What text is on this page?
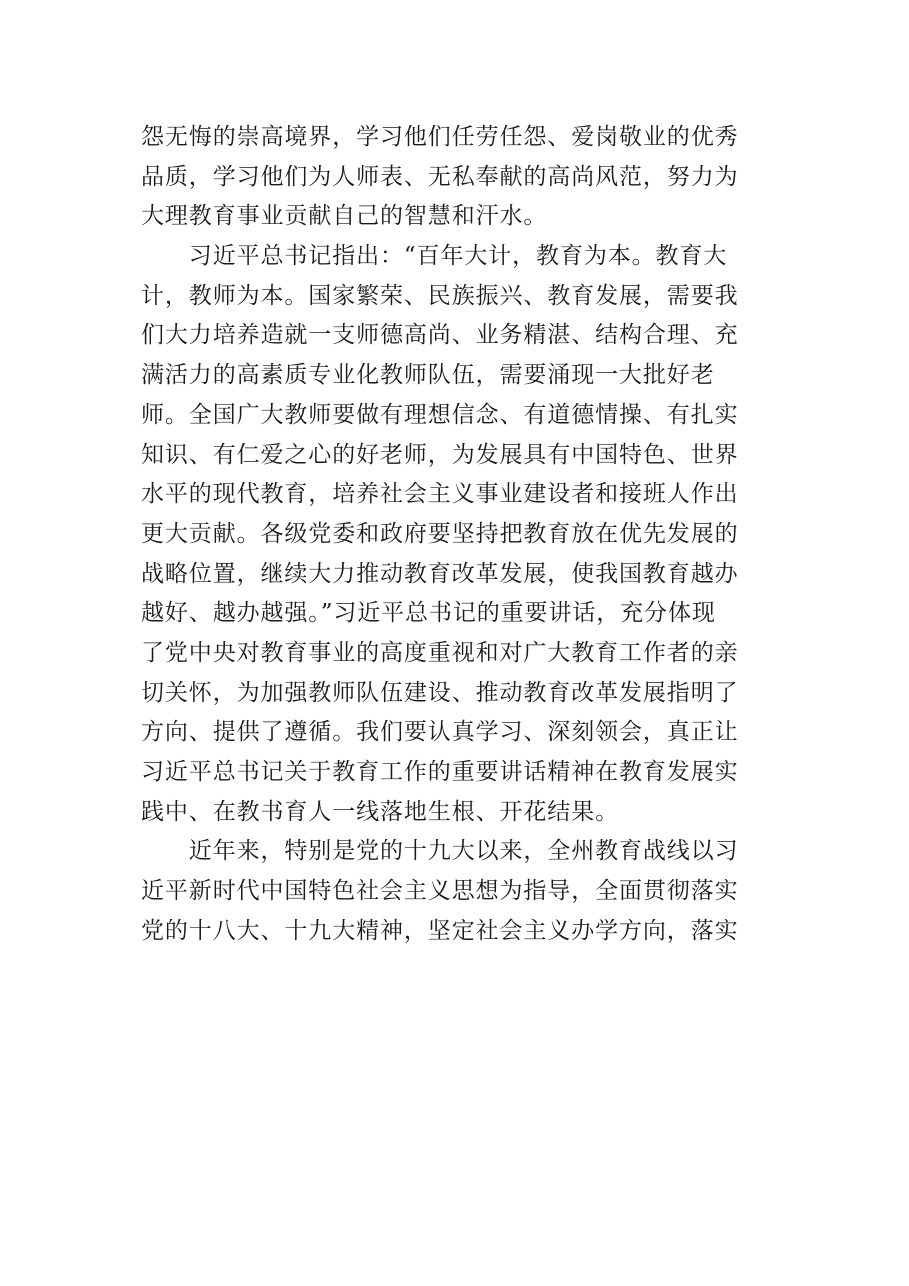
怨无悔的崇高境界，学习他们任劳任怨、爱岗敬业的优秀
品质，学习他们为人师表、无私奉献的高尚风范，努力为
大理教育事业贡献自己的智慧和汗水。
　　习近平总书记指出：“百年大计，教育为本。教育大
计，教师为本。国家繁荣、民族振兴、教育发展，需要我
们大力培养造就一支师德高尚、业务精湛、结构合理、充
满活力的高素质专业化教师队伍，需要涌现一大批好老
师。全国广大教师要做有理想信念、有道德情操、有扎实
知识、有仁爱之心的好老师，为发展具有中国特色、世界
水平的现代教育，培养社会主义事业建设者和接班人作出
更大贡献。各级党委和政府要坚持把教育放在优先发展的
战略位置，继续大力推动教育改革发展，使我国教育越办
越好、越办越强。”习近平总书记的重要讲话，充分体现
了党中央对教育事业的高度重视和对广大教育工作者的亲
切关怀，为加强教师队伍建设、推动教育改革发展指明了
方向、提供了遵循。我们要认真学习、深刻领会，真正让
习近平总书记关于教育工作的重要讲话精神在教育发展实
践中、在教书育人一线落地生根、开花结果。
　　近年来，特别是党的十九大以来，全州教育战线以习
近平新时代中国特色社会主义思想为指导，全面贯彻落实
党的十八大、十九大精神，坚定社会主义办学方向，落实
